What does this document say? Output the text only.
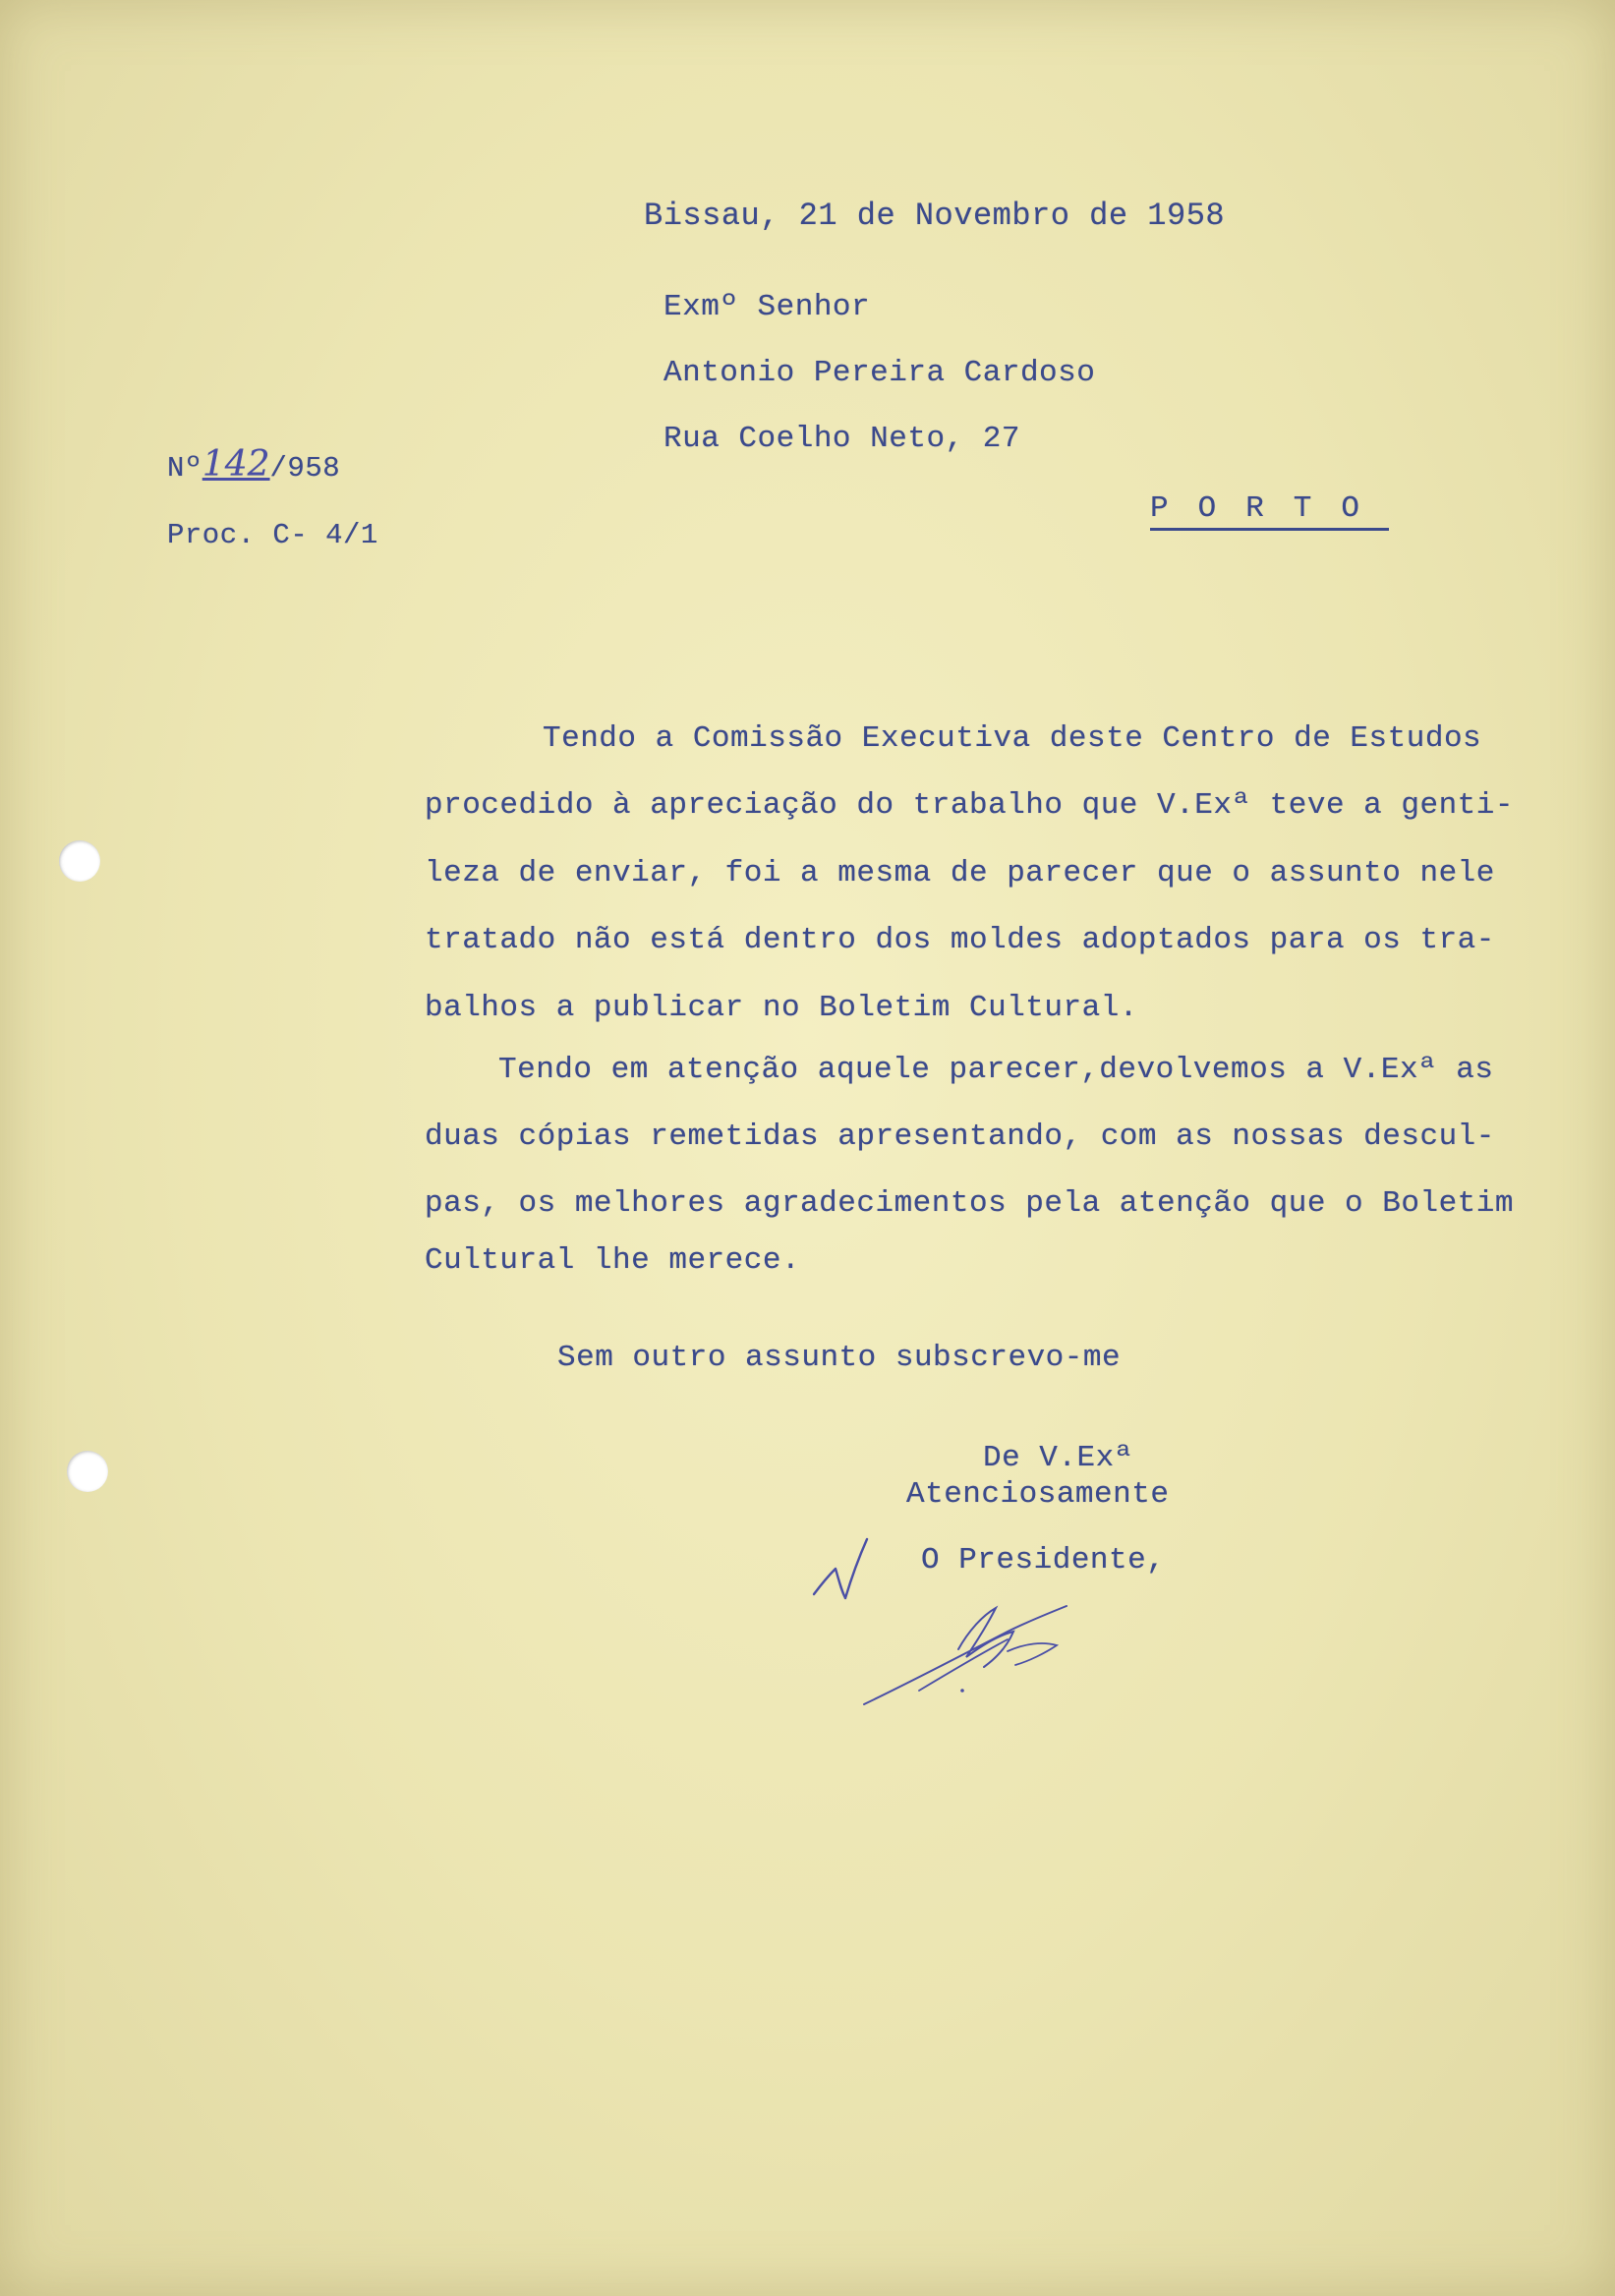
Bissau, 21 de Novembro de 1958
Exmº Senhor
Antonio Pereira Cardoso
Rua Coelho Neto, 27
PORTO
Nº142/958
Proc. C- 4/1
Tendo a Comissão Executiva deste Centro de Estudos
procedido à apreciação do trabalho que V.Exª teve a genti-
leza de enviar, foi a mesma de parecer que o assunto nele
tratado não está dentro dos moldes adoptados para os tra-
balhos a publicar no Boletim Cultural.
Tendo em atenção aquele parecer,devolvemos a V.Exª as
duas cópias remetidas apresentando, com as nossas descul-
pas, os melhores agradecimentos pela atenção que o Boletim
Cultural lhe merece.
Sem outro assunto subscrevo-me
De V.Exª
Atenciosamente
O Presidente,
